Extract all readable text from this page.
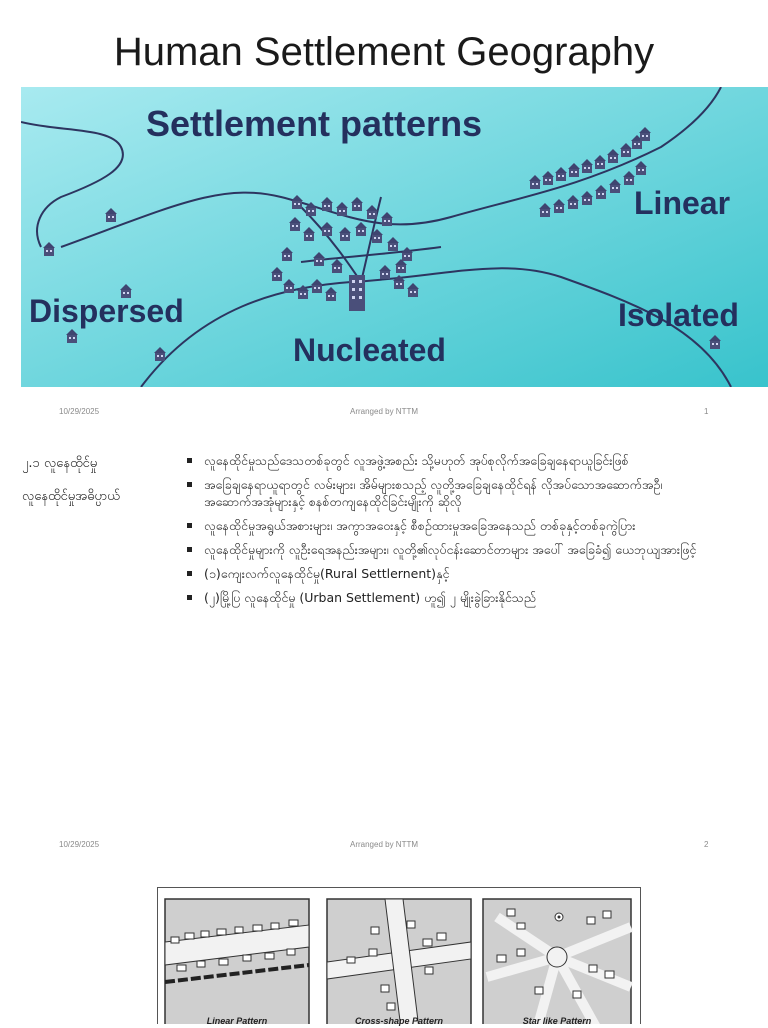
Human Settlement Geography
Settlement patterns
Linear
Dispersed	Isolated
Nucleated
10/29/2025	Arranged by NTTM	1
၂.၁ လူနေထိုင်မှု
လူနေထိုင်မှုအဓိပ္ပာယ်
လူနေထိုင်မှုသည်ဒေသတစ်ခုတွင် လူအဖွဲ့အစည်း သို့မဟုတ် အုပ်စုလိုက်အခြေချနေရာယူခြင်းဖြစ်
အခြေချနေရာယူရာတွင် လမ်းများ၊ အိမ်များစသည့် လူတို့အခြေချနေထိုင်ရန် လိုအပ်သောအဆောက်အဦ၊ အဆောက်အအုံများနှင့် စနစ်တကျနေထိုင်ခြင်းမျိုးကို ဆိုလို
လူနေထိုင်မှုအရွယ်အစားများ၊ အကွာအဝေးနှင့် စီစဉ်ထားမှုအခြေအနေသည် တစ်ခုနှင့်တစ်ခုကွဲပြား
လူနေထိုင်မှုများကို လူဦးရေအနည်းအများ၊ လူတို့၏လုပ်ငန်းဆောင်တာများ အပေါ် အခြေခံ၍ ယေဘုယျအားဖြင့်
(၁)ကျေးလက်လူနေထိုင်မှု(Rural Settlernent)နှင့်
(၂)မြို့ပြ လူနေထိုင်မှု (Urban Settlement) ဟူ၍ ၂ မျိုးခွဲခြားနိုင်သည်
10/29/2025	Arranged by NTTM	2
Linear Pattern	Cross-shape Pattern	Star like Pattern
